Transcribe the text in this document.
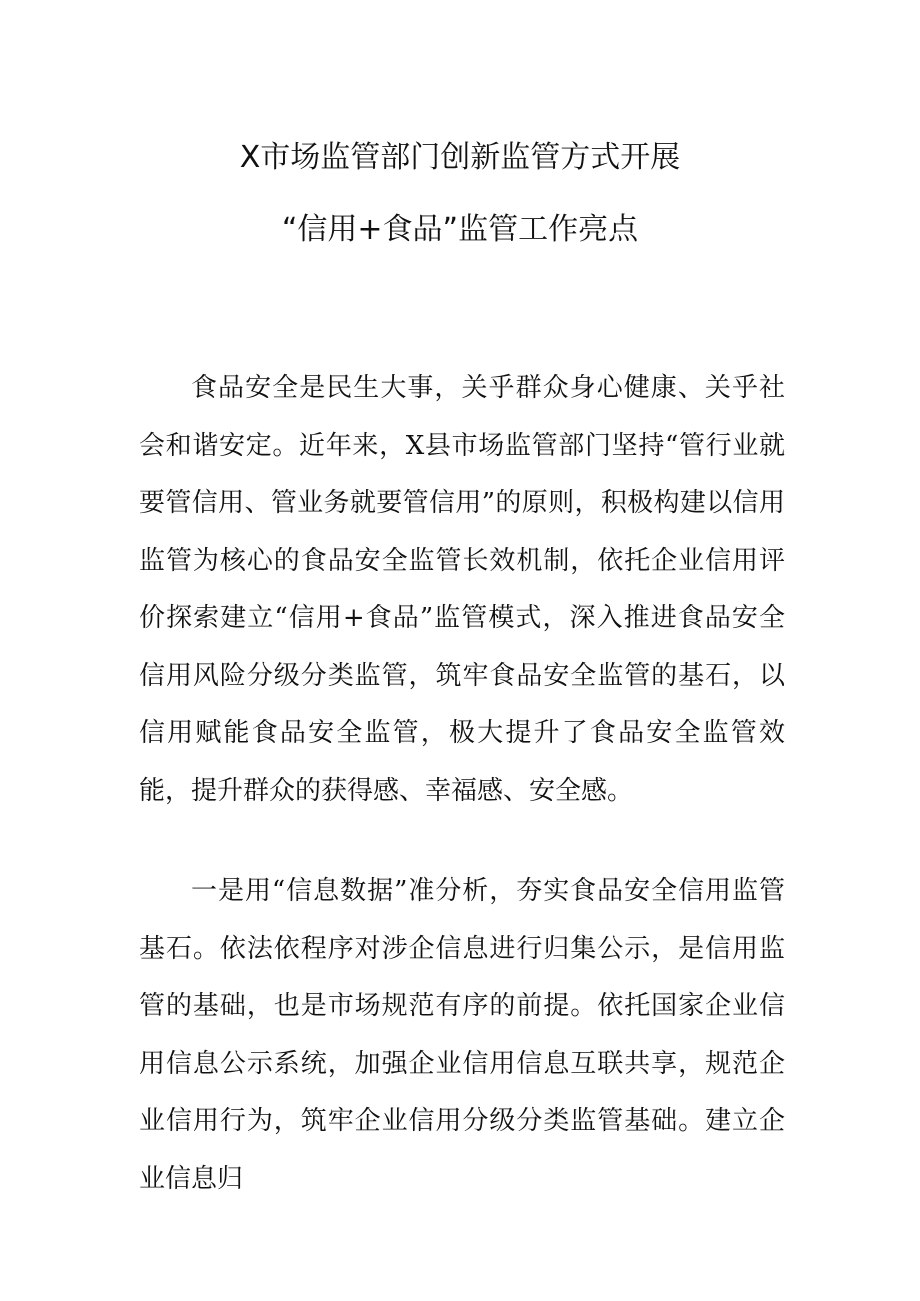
X市场监管部门创新监管方式开展
“信用+食品”监管工作亮点

食品安全是民生大事，关乎群众身心健康、关乎社会和谐安定。近年来，X县市场监管部门坚持“管行业就要管信用、管业务就要管信用”的原则，积极构建以信用监管为核心的食品安全监管长效机制，依托企业信用评价探索建立“信用+食品”监管模式，深入推进食品安全信用风险分级分类监管，筑牢食品安全监管的基石，以信用赋能食品安全监管，极大提升了食品安全监管效能，提升群众的获得感、幸福感、安全感。

一是用“信息数据”准分析，夯实食品安全信用监管基石。依法依程序对涉企信息进行归集公示，是信用监管的基础，也是市场规范有序的前提。依托国家企业信用信息公示系统，加强企业信用信息互联共享，规范企业信用行为，筑牢企业信用分级分类监管基础。建立企业信息归
